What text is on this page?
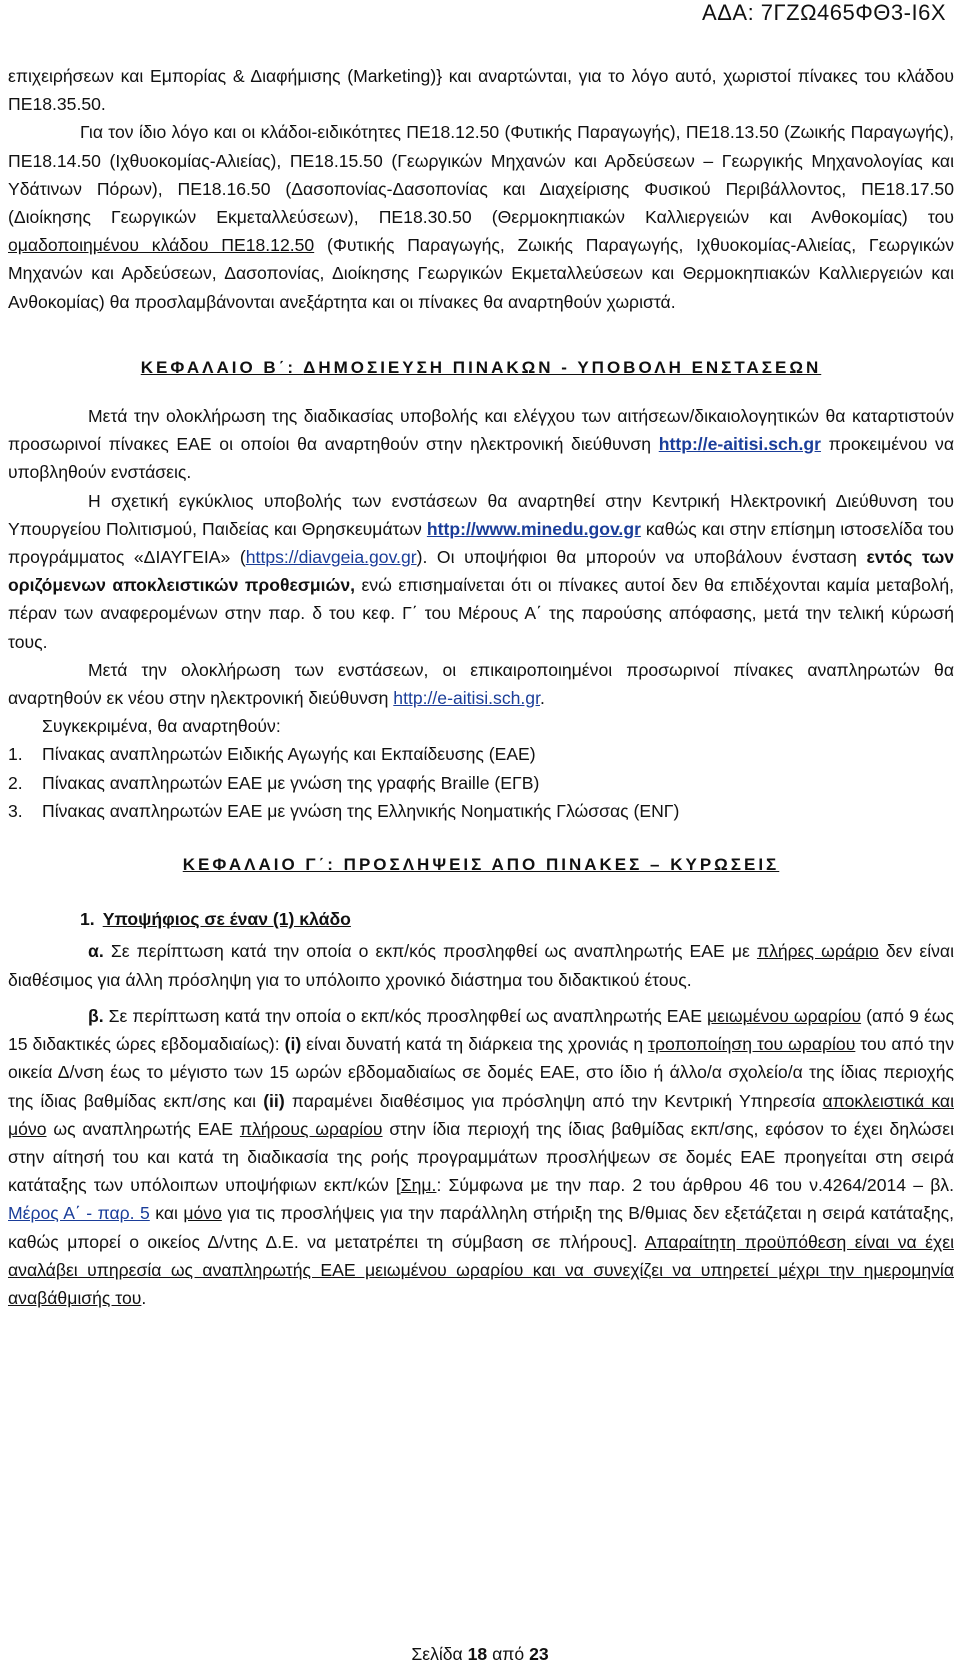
ΑΔΑ: 7ΓΖΩ465ΦΘ3-Ι6Χ

επιχειρήσεων και Εμπορίας & Διαφήμισης (Marketing)} και αναρτώνται, για το λόγο αυτό, χωριστοί πίνακες του κλάδου ΠΕ18.35.50.

Για τον ίδιο λόγο και οι κλάδοι-ειδικότητες ΠΕ18.12.50 (Φυτικής Παραγωγής), ΠΕ18.13.50 (Ζωικής Παραγωγής), ΠΕ18.14.50 (Ιχθυοκομίας-Αλιείας), ΠΕ18.15.50 (Γεωργικών Μηχανών και Αρδεύσεων – Γεωργικής Μηχανολογίας και Υδάτινων Πόρων), ΠΕ18.16.50 (Δασοπονίας-Δασοπονίας και Διαχείρισης Φυσικού Περιβάλλοντος, ΠΕ18.17.50 (Διοίκησης Γεωργικών Εκμεταλλεύσεων), ΠΕ18.30.50 (Θερμοκηπιακών Καλλιεργειών και Ανθοκομίας) του ομαδοποιημένου κλάδου ΠΕ18.12.50 (Φυτικής Παραγωγής, Ζωικής Παραγωγής, Ιχθυοκομίας-Αλιείας, Γεωργικών Μηχανών και Αρδεύσεων, Δασοπονίας, Διοίκησης Γεωργικών Εκμεταλλεύσεων και Θερμοκηπιακών Καλλιεργειών και Ανθοκομίας) θα προσλαμβάνονται ανεξάρτητα και οι πίνακες θα αναρτηθούν χωριστά.

ΚΕΦΑΛΑΙΟ Β΄: ΔΗΜΟΣΙΕΥΣΗ ΠΙΝΑΚΩΝ - ΥΠΟΒΟΛΗ ΕΝΣΤΑΣΕΩΝ

Μετά την ολοκλήρωση της διαδικασίας υποβολής και ελέγχου των αιτήσεων/δικαιολογητικών θα καταρτιστούν προσωρινοί πίνακες ΕΑΕ οι οποίοι θα αναρτηθούν στην ηλεκτρονική διεύθυνση http://e-aitisi.sch.gr προκειμένου να υποβληθούν ενστάσεις.

Η σχετική εγκύκλιος υποβολής των ενστάσεων θα αναρτηθεί στην Κεντρική Ηλεκτρονική Διεύθυνση του Υπουργείου Πολιτισμού, Παιδείας και Θρησκευμάτων http://www.minedu.gov.gr καθώς και στην επίσημη ιστοσελίδα του προγράμματος «ΔΙΑΥΓΕΙΑ» (https://diavgeia.gov.gr). Οι υποψήφιοι θα μπορούν να υποβάλουν ένσταση εντός των οριζόμενων αποκλειστικών προθεσμιών, ενώ επισημαίνεται ότι οι πίνακες αυτοί δεν θα επιδέχονται καμία μεταβολή, πέραν των αναφερομένων στην παρ. δ του κεφ. Γ΄ του Μέρους Α΄ της παρούσης απόφασης, μετά την τελική κύρωσή τους.

Μετά την ολοκλήρωση των ενστάσεων, οι επικαιροποιημένοι προσωρινοί πίνακες αναπληρωτών θα αναρτηθούν εκ νέου στην ηλεκτρονική διεύθυνση http://e-aitisi.sch.gr.

Συγκεκριμένα, θα αναρτηθούν:

1.	Πίνακας αναπληρωτών Ειδικής Αγωγής και Εκπαίδευσης (ΕΑΕ)
2.	Πίνακας αναπληρωτών ΕΑΕ με γνώση της γραφής Braille (ΕΓΒ)
3.	Πίνακας αναπληρωτών ΕΑΕ με γνώση της Ελληνικής Νοηματικής Γλώσσας (ΕΝΓ)
ΚΕΦΑΛΑΙΟ Γ΄: ΠΡΟΣΛΗΨΕΙΣ ΑΠΟ ΠΙΝΑΚΕΣ – ΚΥΡΩΣΕΙΣ
1. Υποψήφιος σε έναν (1) κλάδο

α. Σε περίπτωση κατά την οποία ο εκπ/κός προσληφθεί ως αναπληρωτής ΕΑΕ με πλήρες ωράριο δεν είναι διαθέσιμος για άλλη πρόσληψη για το υπόλοιπο χρονικό διάστημα του διδακτικού έτους.

β. Σε περίπτωση κατά την οποία ο εκπ/κός προσληφθεί ως αναπληρωτής ΕΑΕ μειωμένου ωραρίου (από 9 έως 15 διδακτικές ώρες εβδομαδιαίως): (i) είναι δυνατή κατά τη διάρκεια της χρονιάς η τροποποίηση του ωραρίου του από την οικεία Δ/νση έως το μέγιστο των 15 ωρών εβδομαδιαίως σε δομές ΕΑΕ, στο ίδιο ή άλλο/α σχολείο/α της ίδιας περιοχής της ίδιας βαθμίδας εκπ/σης και (ii) παραμένει διαθέσιμος για πρόσληψη από την Κεντρική Υπηρεσία αποκλειστικά και μόνο ως αναπληρωτής ΕΑΕ πλήρους ωραρίου στην ίδια περιοχή της ίδιας βαθμίδας εκπ/σης, εφόσον το έχει δηλώσει στην αίτησή του και κατά τη διαδικασία της ροής προγραμμάτων προσλήψεων σε δομές ΕΑΕ προηγείται στη σειρά κατάταξης των υπόλοιπων υποψήφιων εκπ/κών [Σημ.: Σύμφωνα με την παρ. 2 του άρθρου 46 του ν.4264/2014 – βλ. Μέρος Α΄ - παρ. 5 και μόνο για τις προσλήψεις για την παράλληλη στήριξη της Β/θμιας δεν εξετάζεται η σειρά κατάταξης, καθώς μπορεί ο οικείος Δ/ντης Δ.Ε. να μετατρέπει τη σύμβαση σε πλήρους]. Απαραίτητη προϋπόθεση είναι να έχει αναλάβει υπηρεσία ως αναπληρωτής ΕΑΕ μειωμένου ωραρίου και να συνεχίζει να υπηρετεί μέχρι την ημερομηνία αναβάθμισής του.

Σελίδα 18 από 23
